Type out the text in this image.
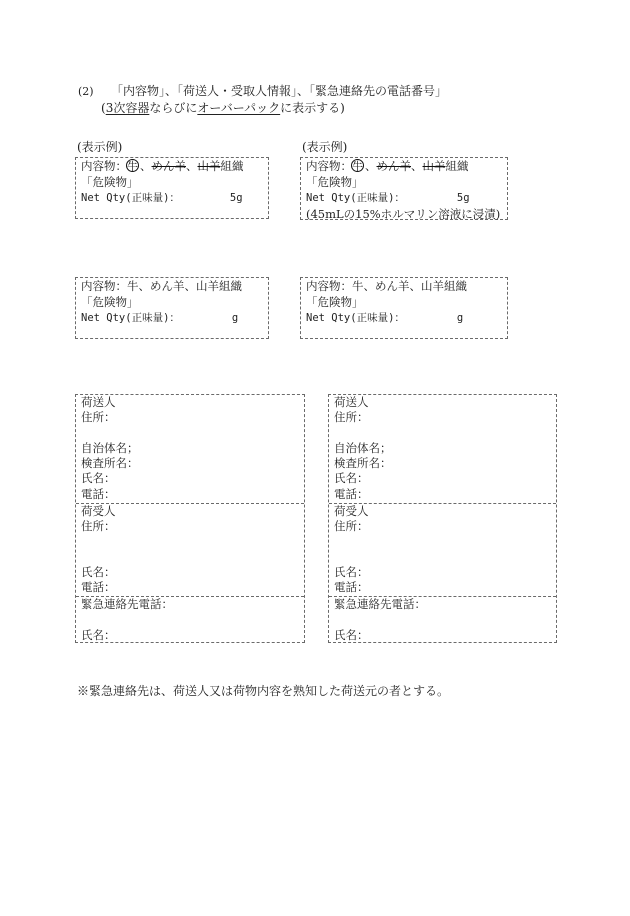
(2) 「内容物」、「荷送人・受取人情報」、「緊急連絡先の電話番号」
(3次容器ならびにオーバーパックに表示する)
(表示例)
内容物：牛 、めん羊、山羊組織
「危険物」
Net Qty(正味量)：	5g
(表示例)
内容物：牛 、めん羊、山羊組織
「危険物」
Net Qty(正味量)：	5g
(45mLの15%ホルマリン溶液に浸漬)
内容物：牛、めん羊、山羊組織
「危険物」
Net Qty(正味量)：	g
内容物：牛、めん羊、山羊組織
「危険物」
Net Qty(正味量)：	g
荷送人
住所：
自治体名；
検査所名：
氏名：
電話：
荷受人
住所：
氏名：
電話：
緊急連絡先電話：
氏名：
荷送人
住所：
自治体名；
検査所名：
氏名：
電話：
荷受人
住所：
氏名：
電話：
緊急連絡先電話：
氏名：
※緊急連絡先は、荷送人又は荷物内容を熟知した荷送元の者とする。
